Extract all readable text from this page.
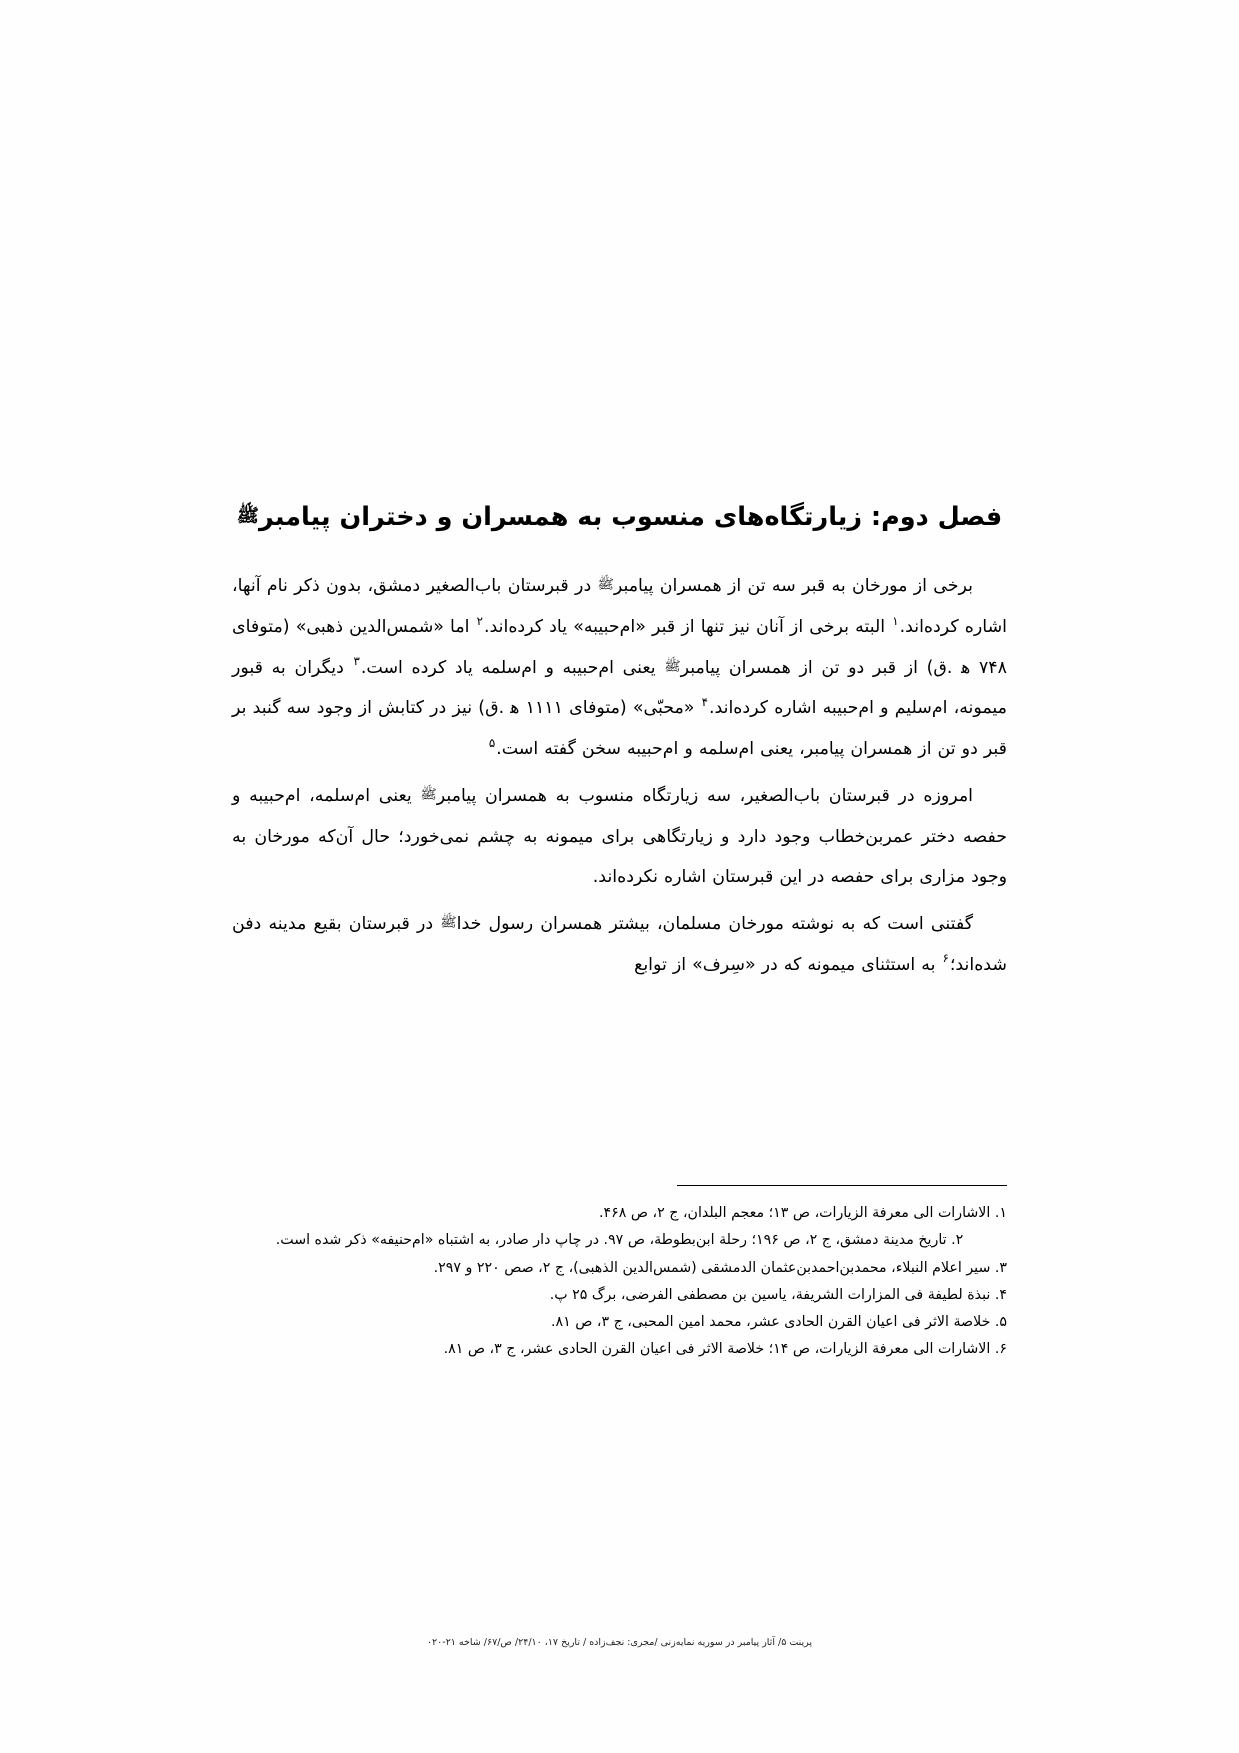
فصل دوم: زیارتگاه‌های منسوب به همسران و دختران پیامبرﷺ

برخی از مورخان به قبر سه تن از همسران پیامبرﷺ در قبرستان باب‌الصغیر دمشق، بدون ذکر نام آنها، اشاره کرده‌اند.$^۱$ البته برخی از آنان نیز تنها از قبر «ام‌حبیبه» یاد کرده‌اند.$^۲$ اما «شمس‌الدین ذهبی» (متوفای ۷۴۸ ه‍ .ق) از قبر دو تن از همسران پیامبرﷺ یعنی ام‌حبیبه و ام‌سلمه یاد کرده است.$^۳$ دیگران به قبور میمونه، ام‌سلیم و ام‌حبیبه اشاره کرده‌اند.$^۴$ «محبّی» (متوفای ۱۱۱۱ ه‍ .ق) نیز در کتابش از وجود سه گنبد بر قبر دو تن از همسران پیامبر، یعنی ام‌سلمه و ام‌حبیبه سخن گفته است.$^۵$

امروزه در قبرستان باب‌الصغیر، سه زیارتگاه منسوب به همسران پیامبرﷺ یعنی ام‌سلمه، ام‌حبیبه و حفصه دختر عمربن‌خطاب وجود دارد و زیارتگاهی برای میمونه به چشم نمی‌خورد؛ حال آن‌که مورخان به وجود مزاری برای حفصه در این قبرستان اشاره نکرده‌اند.

گفتنی است که به نوشته مورخان مسلمان، بیشتر همسران رسول خداﷺ در قبرستان بقیع مدینه دفن شده‌اند؛$^۶$ به استثنای میمونه که در «سِرف» از توابع

۱. الاشارات الی معرفة الزیارات، ص ۱۳؛ معجم البلدان، ج ۲، ص ۴۶۸.

۲. تاریخ مدینة دمشق، ج ۲، ص ۱۹۶؛ رحلة ابن‌بطوطة، ص ۹۷. در چاپ دار صادر، به اشتباه «ام‌حنیفه» ذکر شده است.

۳. سیر اعلام النبلاء، محمدبن‌احمدبن‌عثمان الدمشقی (شمس‌الدین الذهبی)، ج ۲، صص ۲۲۰ و ۲۹۷.

۴. نبذة لطیفة فی المزارات الشریفة، یاسین بن مصطفی الفرضی، برگ ۲۵ پ.

۵. خلاصة الاثر فی اعیان القرن الحادی عشر، محمد امین المحبی، ج ۳، ص ۸۱.

۶. الاشارات الی معرفة الزیارات، ص ۱۴؛ خلاصة الاثر فی اعیان القرن الحادی عشر، ج ۳، ص ۸۱.

پرینت ۵/ آثار پیامبر در سوریه نمایه‌زنی /مجری: نجف‌زاده / تاریخ ۱۷، ۲۴/۱۰/ ص/۶۷/ شاخه ۲۱-۰۲۰
